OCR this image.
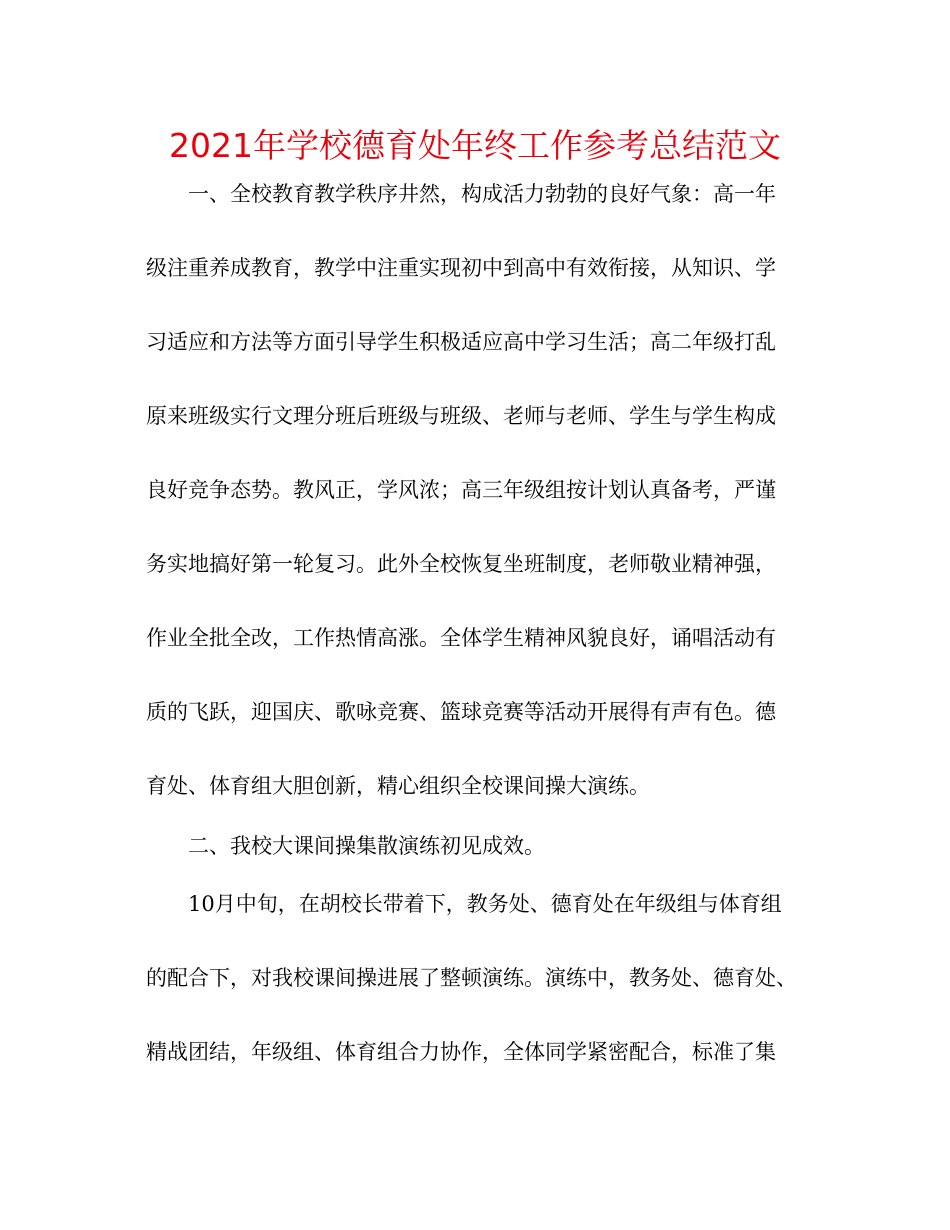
2021年学校德育处年终工作参考总结范文
一、全校教育教学秩序井然，构成活力勃勃的良好气象：高一年
级注重养成教育，教学中注重实现初中到高中有效衔接，从知识、学
习适应和方法等方面引导学生积极适应高中学习生活；高二年级打乱
原来班级实行文理分班后班级与班级、老师与老师、学生与学生构成
良好竞争态势。教风正，学风浓；高三年级组按计划认真备考，严谨
务实地搞好第一轮复习。此外全校恢复坐班制度，老师敬业精神强，
作业全批全改，工作热情高涨。全体学生精神风貌良好，诵唱活动有
质的飞跃，迎国庆、歌咏竞赛、篮球竞赛等活动开展得有声有色。德
育处、体育组大胆创新，精心组织全校课间操大演练。
二、我校大课间操集散演练初见成效。
10月中旬，在胡校长带着下，教务处、德育处在年级组与体育组
的配合下，对我校课间操进展了整顿演练。演练中，教务处、德育处、
精战团结，年级组、体育组合力协作，全体同学紧密配合，标准了集
